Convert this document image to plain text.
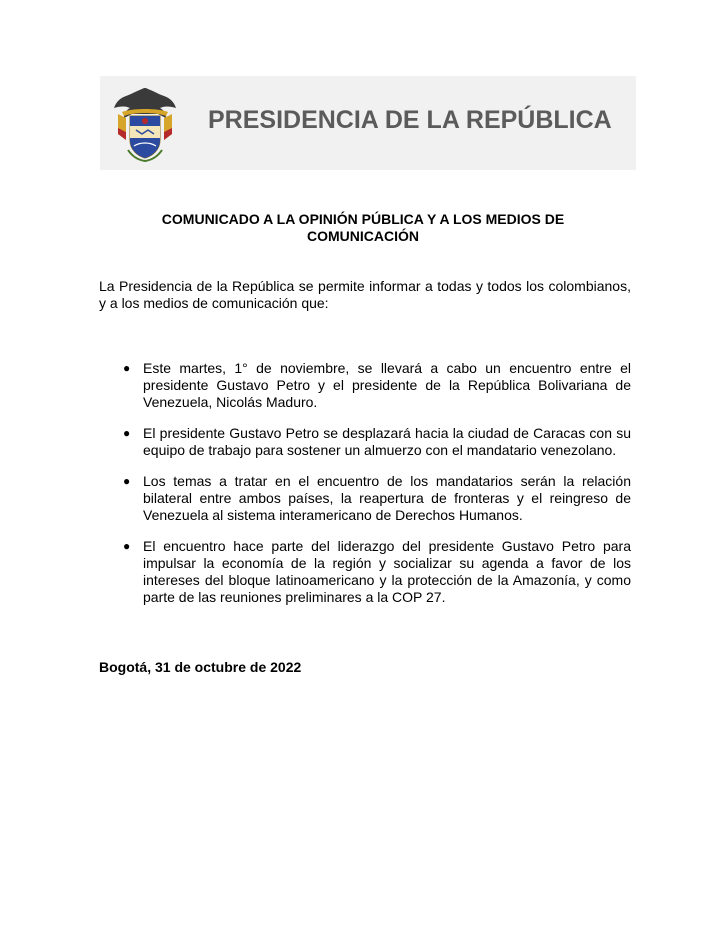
PRESIDENCIA DE LA REPÚBLICA
COMUNICADO A LA OPINIÓN PÚBLICA Y A LOS MEDIOS DE COMUNICACIÓN
La Presidencia de la República se permite informar a todas y todos los colombianos, y a los medios de comunicación que:
● Este martes, 1° de noviembre, se llevará a cabo un encuentro entre el presidente Gustavo Petro y el presidente de la República Bolivariana de Venezuela, Nicolás Maduro.
● El presidente Gustavo Petro se desplazará hacia la ciudad de Caracas con su equipo de trabajo para sostener un almuerzo con el mandatario venezolano.
● Los temas a tratar en el encuentro de los mandatarios serán la relación bilateral entre ambos países, la reapertura de fronteras y el reingreso de Venezuela al sistema interamericano de Derechos Humanos.
● El encuentro hace parte del liderazgo del presidente Gustavo Petro para impulsar la economía de la región y socializar su agenda a favor de los intereses del bloque latinoamericano y la protección de la Amazonía, y como parte de las reuniones preliminares a la COP 27.
Bogotá, 31 de octubre de 2022
